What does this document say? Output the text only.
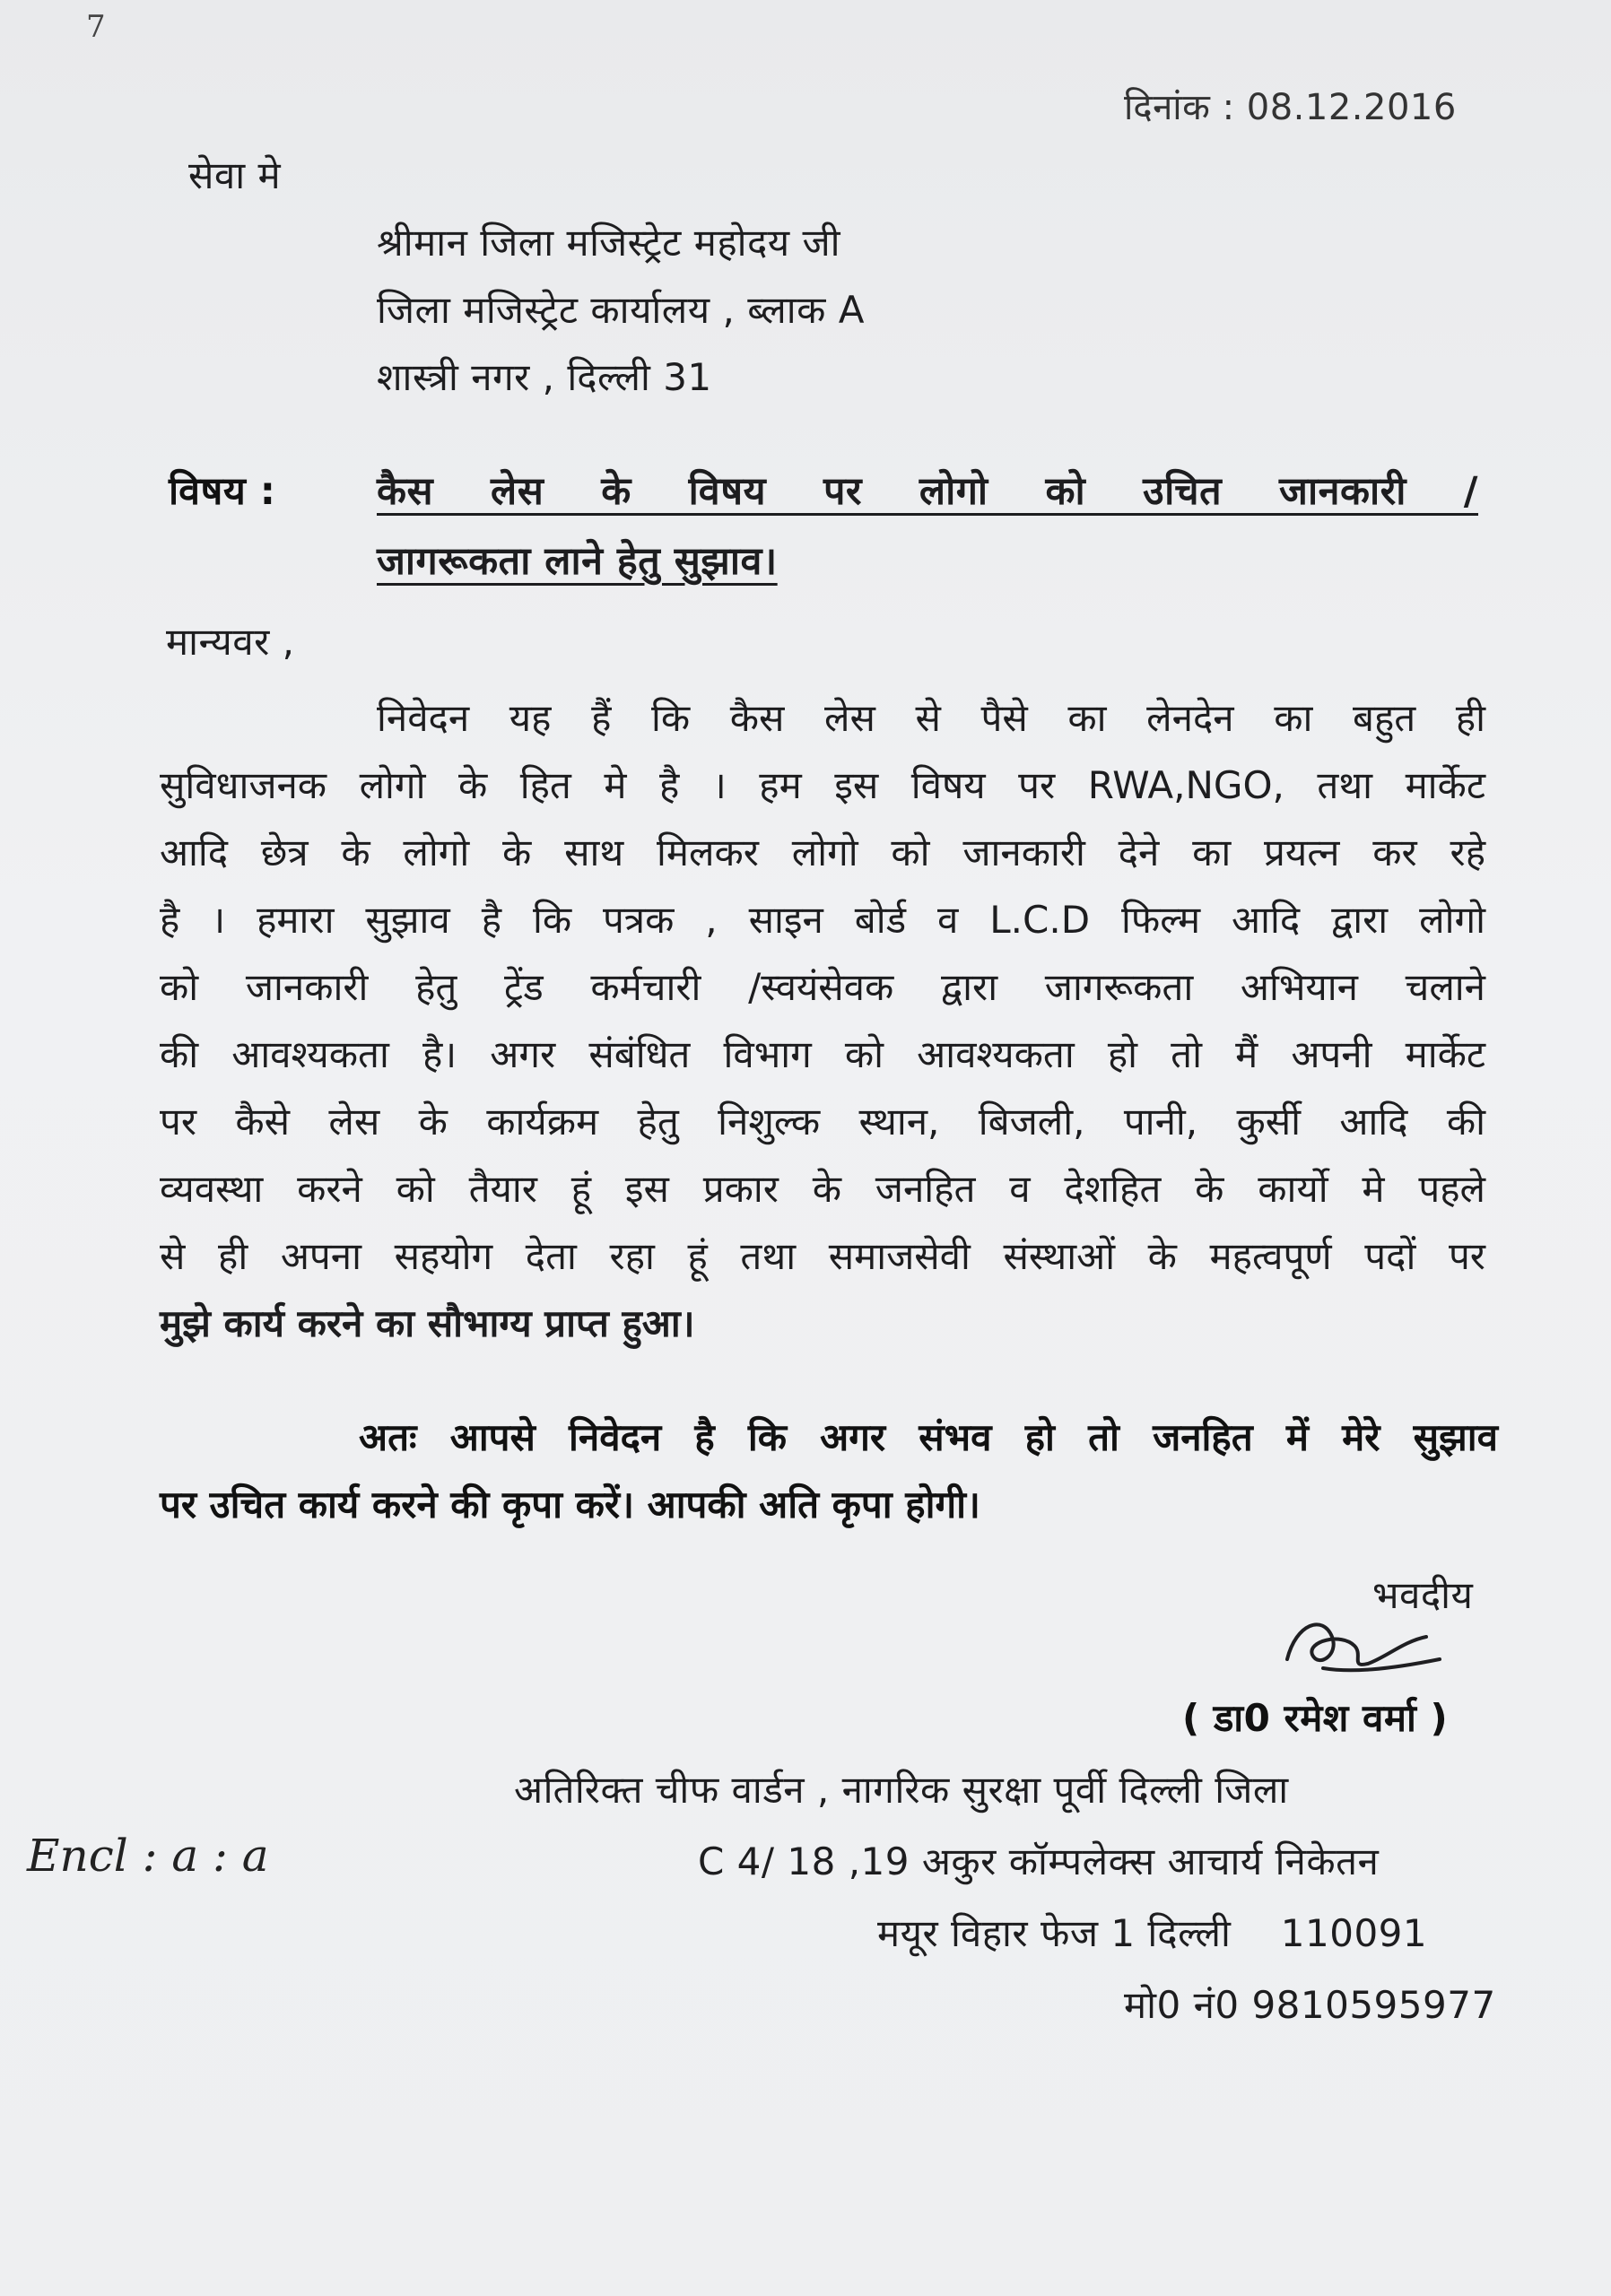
7
दिनांक : 08.12.2016
सेवा मे
श्रीमान जिला मजिस्ट्रेट महोदय जी
जिला मजिस्ट्रेट कार्यालय , ब्लाक A
शास्त्री नगर , दिल्ली 31
विषय :	कैस लेस के विषय पर लोगो को उचित जानकारी /
जागरूकता लाने हेतु सुझाव।
मान्यवर ,
निवेदन यह हैं कि कैस लेस से पैसे का लेनदेन का बहुत ही
सुविधाजनक लोगो के हित मे है । हम इस विषय पर RWA,NGO, तथा मार्केट
आदि छेत्र के लोगो के साथ मिलकर लोगो को जानकारी देने का प्रयत्न कर रहे
है । हमारा सुझाव है कि पत्रक , साइन बोर्ड व L.C.D फिल्म आदि द्वारा लोगो
को जानकारी हेतु ट्रेंड कर्मचारी /स्वयंसेवक द्वारा जागरूकता अभियान चलाने
की आवश्यकता है। अगर संबंधित विभाग को आवश्यकता हो तो मैं अपनी मार्केट
पर कैसे लेस के कार्यक्रम हेतु निशुल्क स्थान, बिजली, पानी, कुर्सी आदि की
व्यवस्था करने को तैयार हूं इस प्रकार के जनहित व देशहित के कार्यो मे पहले
से ही अपना सहयोग देता रहा हूं तथा समाजसेवी संस्थाओं के महत्वपूर्ण पदों पर
मुझे कार्य करने का सौभाग्य प्राप्त हुआ।
अतः आपसे निवेदन है कि अगर संभव हो तो जनहित में मेरे सुझाव
पर उचित कार्य करने की कृपा करें। आपकी अति कृपा होगी।
भवदीय
( डा0 रमेश वर्मा )
अतिरिक्त चीफ वार्डन , नागरिक सुरक्षा पूर्वी दिल्ली जिला
C 4/ 18 ,19 अकुर कॉम्पलेक्स आचार्य निकेतन
मयूर विहार फेज 1 दिल्ली    110091
मो0 नं0 9810595977
Encl : a : a
